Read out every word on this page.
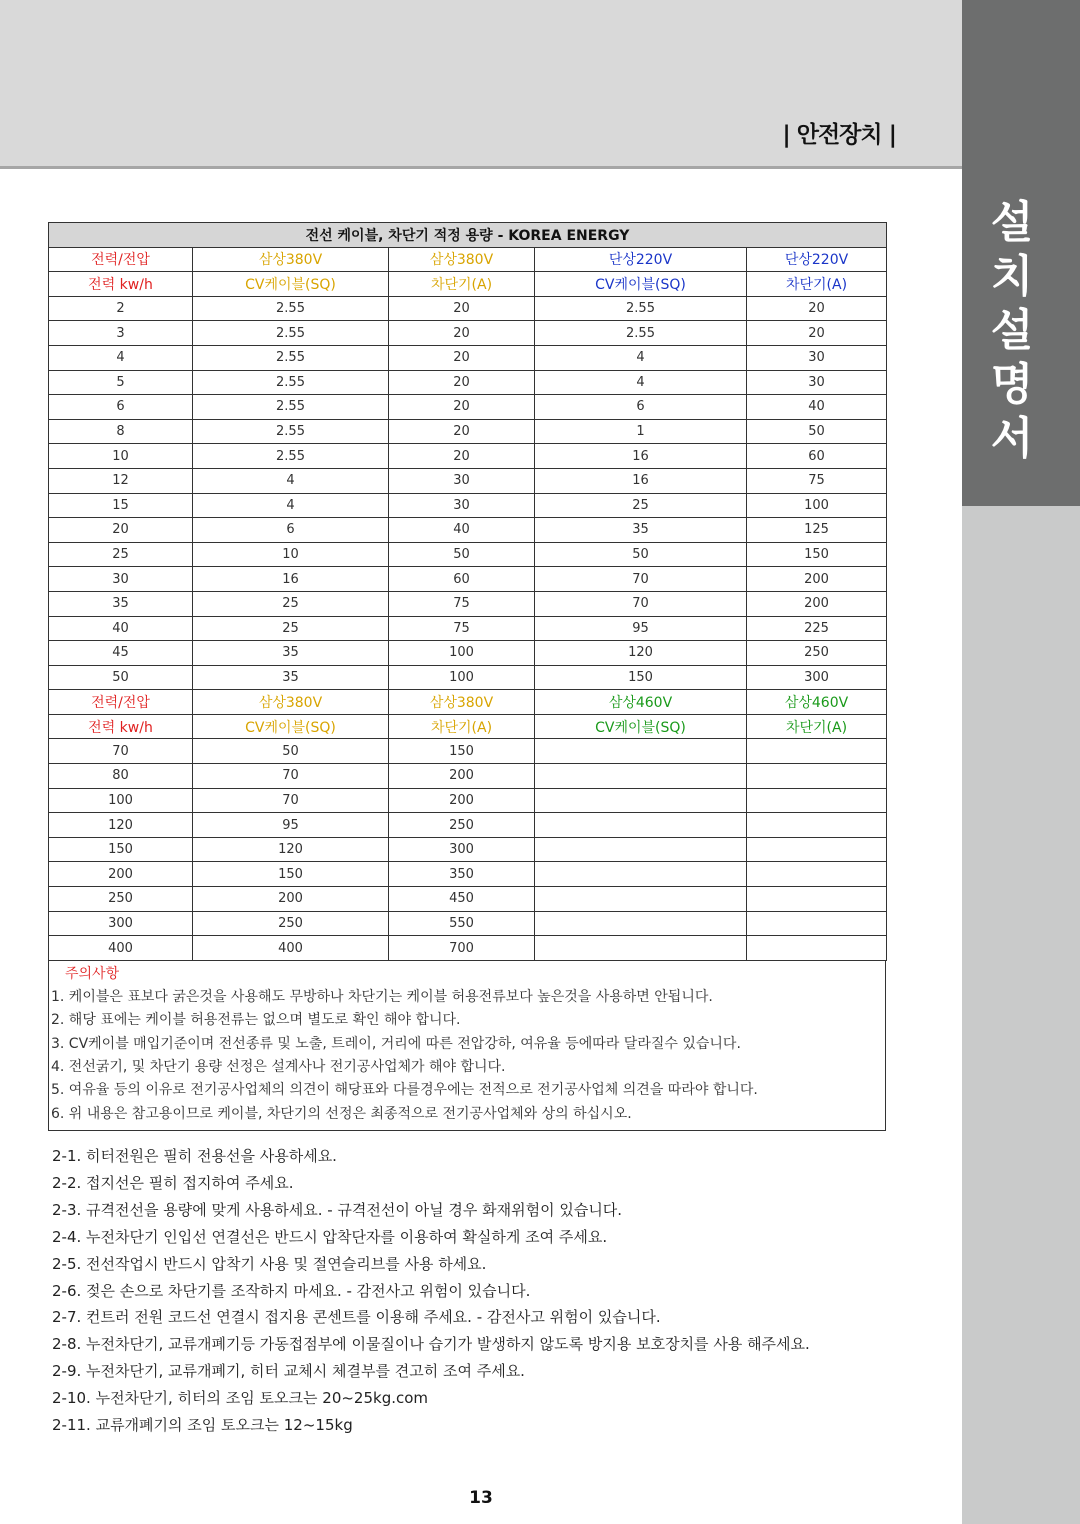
| 안전장치 |
설
치
설
명
서
전선 케이블, 차단기 적정 용량 - KOREA ENERGY				
전력/전압	삼상380V	삼상380V	단상220V	단상220V
전력 kw/h	CV케이블(SQ)	차단기(A)	CV케이블(SQ)	차단기(A)
2	2.55	20	2.55	20
3	2.55	20	2.55	20
4	2.55	20	4	30
5	2.55	20	4	30
6	2.55	20	6	40
8	2.55	20	1	50
10	2.55	20	16	60
12	4	30	16	75
15	4	30	25	100
20	6	40	35	125
25	10	50	50	150
30	16	60	70	200
35	25	75	70	200
40	25	75	95	225
45	35	100	120	250
50	35	100	150	300
전력/전압	삼상380V	삼상380V	삼상460V	삼상460V
전력 kw/h	CV케이블(SQ)	차단기(A)	CV케이블(SQ)	차단기(A)
70	50	150		
80	70	200		
100	70	200		
120	95	250		
150	120	300		
200	150	350		
250	200	450		
300	250	550		
400	400	700		
주의사항
1. 케이블은 표보다 굵은것을 사용해도 무방하나 차단기는 케이블 허용전류보다 높은것을 사용하면 안됩니다.
2. 해당 표에는 케이블 허용전류는 없으며 별도로 확인 해야 합니다.
3. CV케이블 매입기준이며 전선종류 및 노출, 트레이, 거리에 따른 전압강하, 여유율 등에따라 달라질수 있습니다.
4. 전선굵기, 및 차단기 용량 선정은 설계사나 전기공사업체가 해야 합니다.
5. 여유율 등의 이유로 전기공사업체의 의견이 해당표와 다를경우에는 전적으로 전기공사업체 의견을 따라야 합니다.
6. 위 내용은 참고용이므로 케이블, 차단기의 선정은 최종적으로 전기공사업체와 상의 하십시오.
2-1. 히터전원은 필히 전용선을 사용하세요.
2-2. 접지선은 필히 접지하여 주세요.
2-3. 규격전선을 용량에 맞게 사용하세요. - 규격전선이 아닐 경우 화재위험이 있습니다.
2-4. 누전차단기 인입선 연결선은 반드시 압착단자를 이용하여 확실하게 조여 주세요.
2-5. 전선작업시 반드시 압착기 사용 및 절연슬리브를 사용 하세요.
2-6. 젖은 손으로 차단기를 조작하지 마세요. - 감전사고 위험이 있습니다.
2-7. 컨트러 전원 코드선 연결시 접지용 콘센트를 이용해 주세요. - 감전사고 위험이 있습니다.
2-8. 누전차단기, 교류개폐기등 가동접점부에 이물질이나 습기가 발생하지 않도록 방지용 보호장치를 사용 해주세요.
2-9. 누전차단기, 교류개폐기, 히터 교체시 체결부를 견고히 조여 주세요.
2-10. 누전차단기, 히터의 조임 토오크는 20~25kg.com
2-11. 교류개폐기의 조임 토오크는 12~15kg
13
